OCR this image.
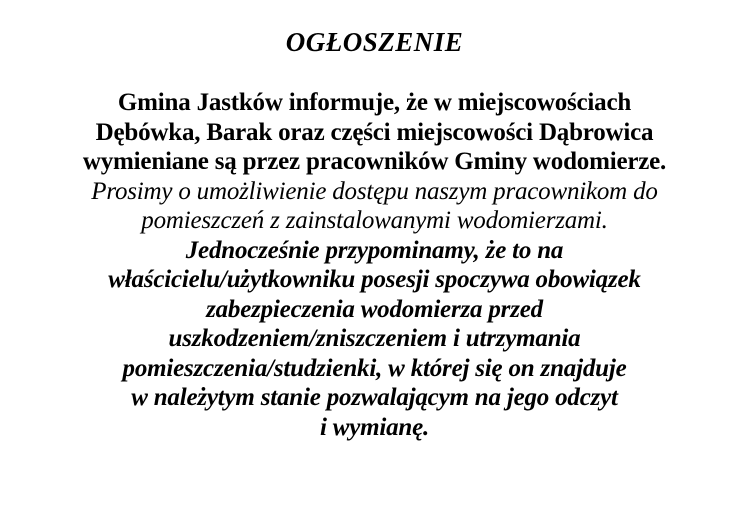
OGŁOSZENIE
Gmina Jastków informuje, że w miejscowościach
Dębówka, Barak oraz części miejscowości Dąbrowica
wymieniane są przez pracowników Gminy wodomierze.
Prosimy o umożliwienie dostępu naszym pracownikom do
pomieszczeń z zainstalowanymi wodomierzami.
Jednocześnie przypominamy, że to na
właścicielu/użytkowniku posesji spoczywa obowiązek
zabezpieczenia wodomierza przed
uszkodzeniem/zniszczeniem i utrzymania
pomieszczenia/studzienki, w której się on znajduje
w należytym stanie pozwalającym na jego odczyt
i wymianę.
